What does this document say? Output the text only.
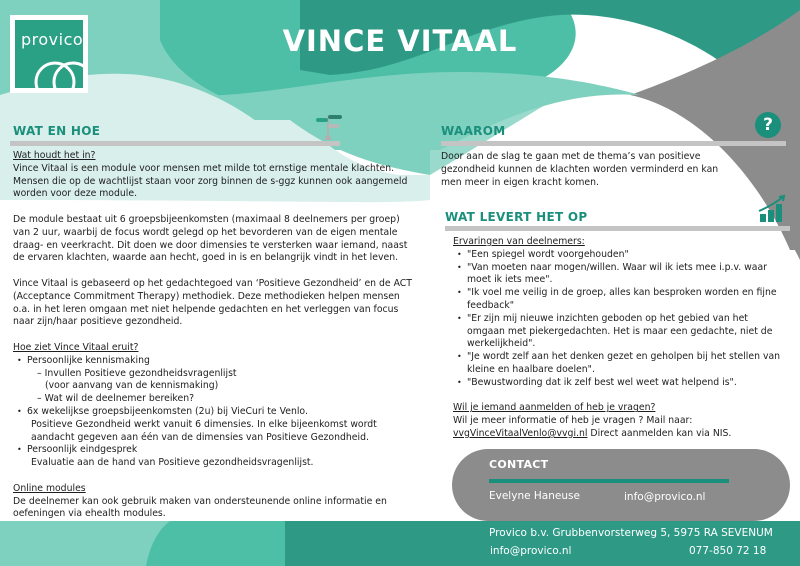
provico	VINCE VITAAL
WAT EN HOE
Wat houdt het in?
Vince Vitaal is een module voor mensen met milde tot ernstige mentale klachten. Mensen die op de wachtlijst staan voor zorg binnen de s-ggz kunnen ook aangemeld worden voor deze module.
De module bestaat uit 6 groepsbijeenkomsten (maximaal 8 deelnemers per groep) van 2 uur, waarbij de focus wordt gelegd op het bevorderen van de eigen mentale draag- en veerkracht. Dit doen we door dimensies te versterken waar iemand, naast de ervaren klachten, waarde aan hecht, goed in is en belangrijk vindt in het leven.
Vince Vitaal is gebaseerd op het gedachtegoed van ‘Positieve Gezondheid’ en de ACT (Acceptance Commitment Therapy) methodiek. Deze methodieken helpen mensen o.a. in het leren omgaan met niet helpende gedachten en het verleggen van focus naar zijn/haar positieve gezondheid.
Hoe ziet Vince Vitaal eruit?
• Persoonlijke kennismaking
– Invullen Positieve gezondheidsvragenlijst
(voor aanvang van de kennismaking)
– Wat wil de deelnemer bereiken?
• 6x wekelijkse groepsbijeenkomsten (2u) bij VieCuri te Venlo.
Positieve Gezondheid werkt vanuit 6 dimensies. In elke bijeenkomst wordt aandacht gegeven aan één van de dimensies van Positieve Gezondheid.
• Persoonlijk eindgesprek
Evaluatie aan de hand van Positieve gezondheidsvragenlijst.
Online modules
De deelnemer kan ook gebruik maken van ondersteunende online informatie en oefeningen via ehealth modules.
WAAROM	?
Door aan de slag te gaan met de thema’s van positieve gezondheid kunnen de klachten worden verminderd en kan men meer in eigen kracht komen.
WAT LEVERT HET OP
Ervaringen van deelnemers:
• "Een spiegel wordt voorgehouden"
• "Van moeten naar mogen/willen. Waar wil ik iets mee i.p.v. waar moet ik iets mee".
• "Ik voel me veilig in de groep, alles kan besproken worden en fijne feedback"
• "Er zijn mij nieuwe inzichten geboden op het gebied van het omgaan met piekergedachten. Het is maar een gedachte, niet de werkelijkheid".
• "Je wordt zelf aan het denken gezet en geholpen bij het stellen van kleine en haalbare doelen".
• "Bewustwording dat ik zelf best wel weet wat helpend is".
Wil je iemand aanmelden of heb je vragen?
Wil je meer informatie of heb je vragen ? Mail naar:
vvgVinceVitaalVenlo@vvgi.nl Direct aanmelden kan via NIS.
CONTACT
Evelyne Haneuse	info@provico.nl
Provico b.v. Grubbenvorsterweg 5, 5975 RA SEVENUM
info@provico.nl	077-850 72 18
